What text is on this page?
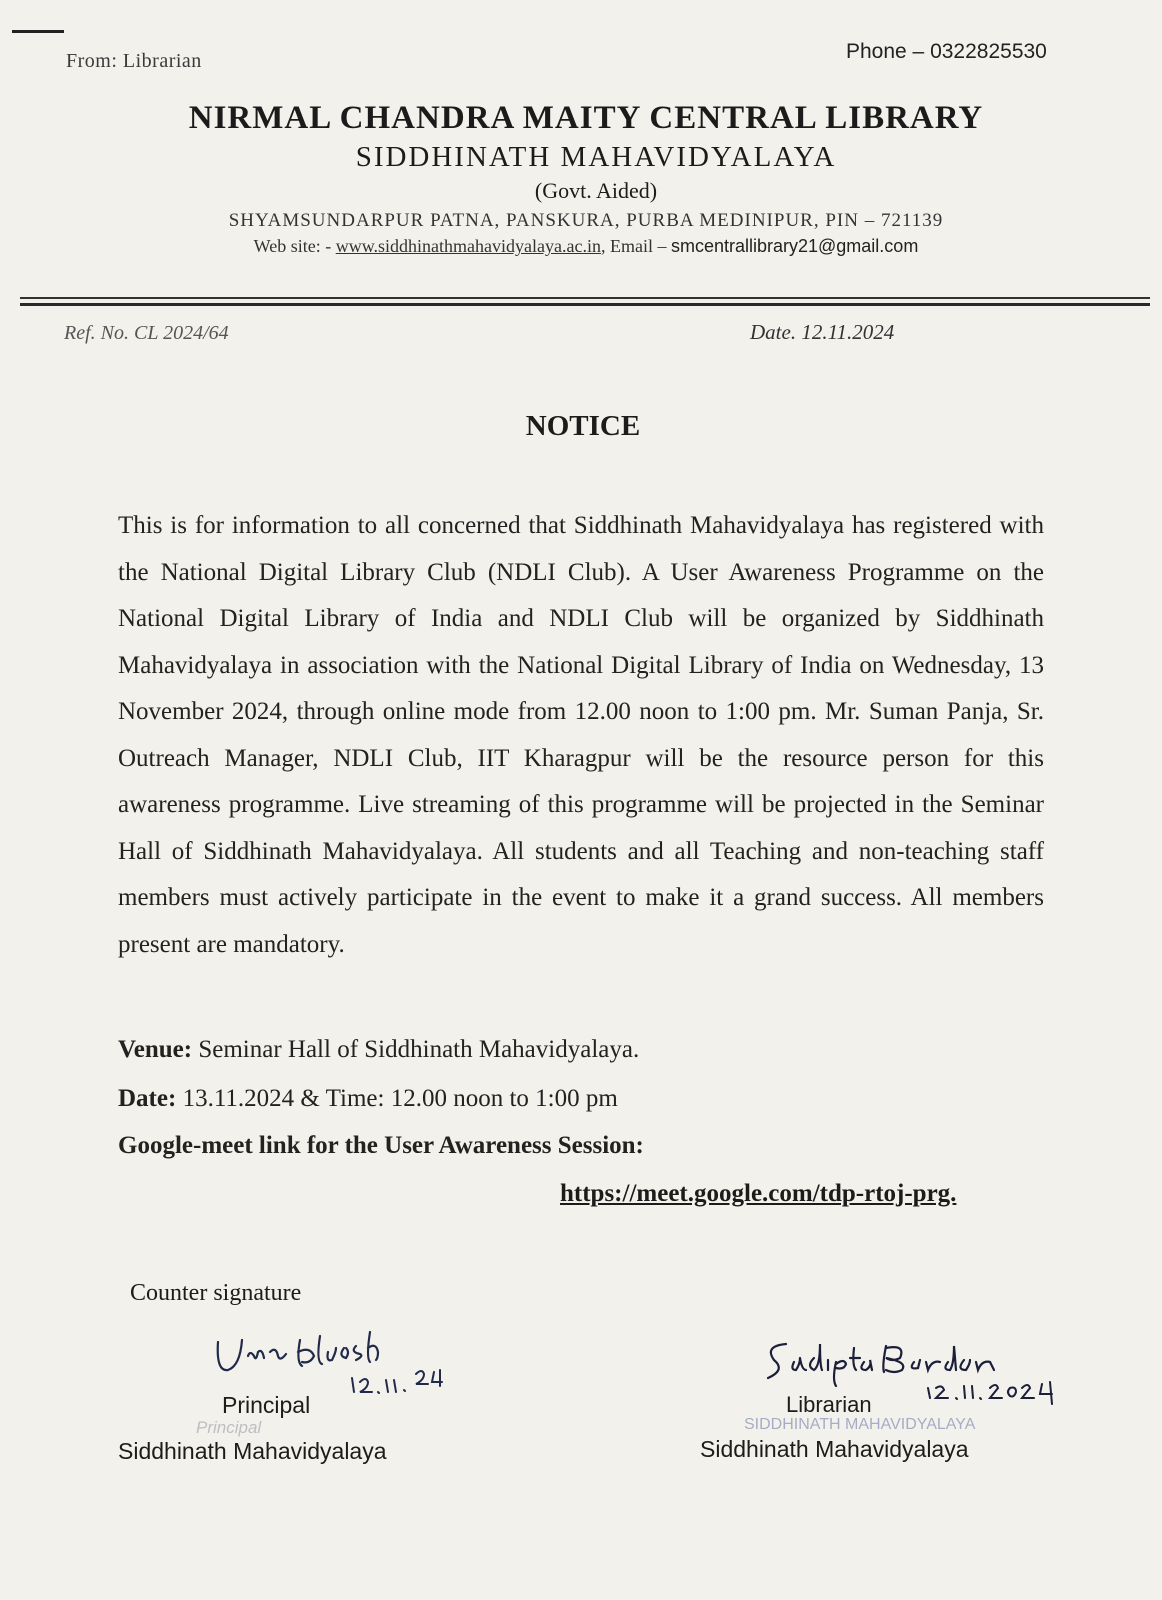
From: Librarian	Phone – 0322825530
NIRMAL CHANDRA MAITY CENTRAL LIBRARY
SIDDHINATH MAHAVIDYALAYA
(Govt. Aided)
SHYAMSUNDARPUR PATNA, PANSKURA, PURBA MEDINIPUR, PIN – 721139
Web site: - www.siddhinathmahavidyalaya.ac.in, Email – smcentrallibrary21@gmail.com
Ref. No. CL 2024/64	Date. 12.11.2024
NOTICE
This is for information to all concerned that Siddhinath Mahavidyalaya has registered with the National Digital Library Club (NDLI Club). A User Awareness Programme on the National Digital Library of India and NDLI Club will be organized by Siddhinath Mahavidyalaya in association with the National Digital Library of India on Wednesday, 13 November 2024, through online mode from 12.00 noon to 1:00 pm. Mr. Suman Panja, Sr. Outreach Manager, NDLI Club, IIT Kharagpur will be the resource person for this awareness programme. Live streaming of this programme will be projected in the Seminar Hall of Siddhinath Mahavidyalaya. All students and all Teaching and non-teaching staff members must actively participate in the event to make it a grand success. All members present are mandatory.
Venue: Seminar Hall of Siddhinath Mahavidyalaya.
Date: 13.11.2024 & Time: 12.00 noon to 1:00 pm
Google-meet link for the User Awareness Session:
https://meet.google.com/tdp-rtoj-prg.
Counter signature
Principal
Principal
Siddhinath Mahavidyalaya
Librarian
SIDDHINATH MAHAVIDYALAYA
Siddhinath Mahavidyalaya
